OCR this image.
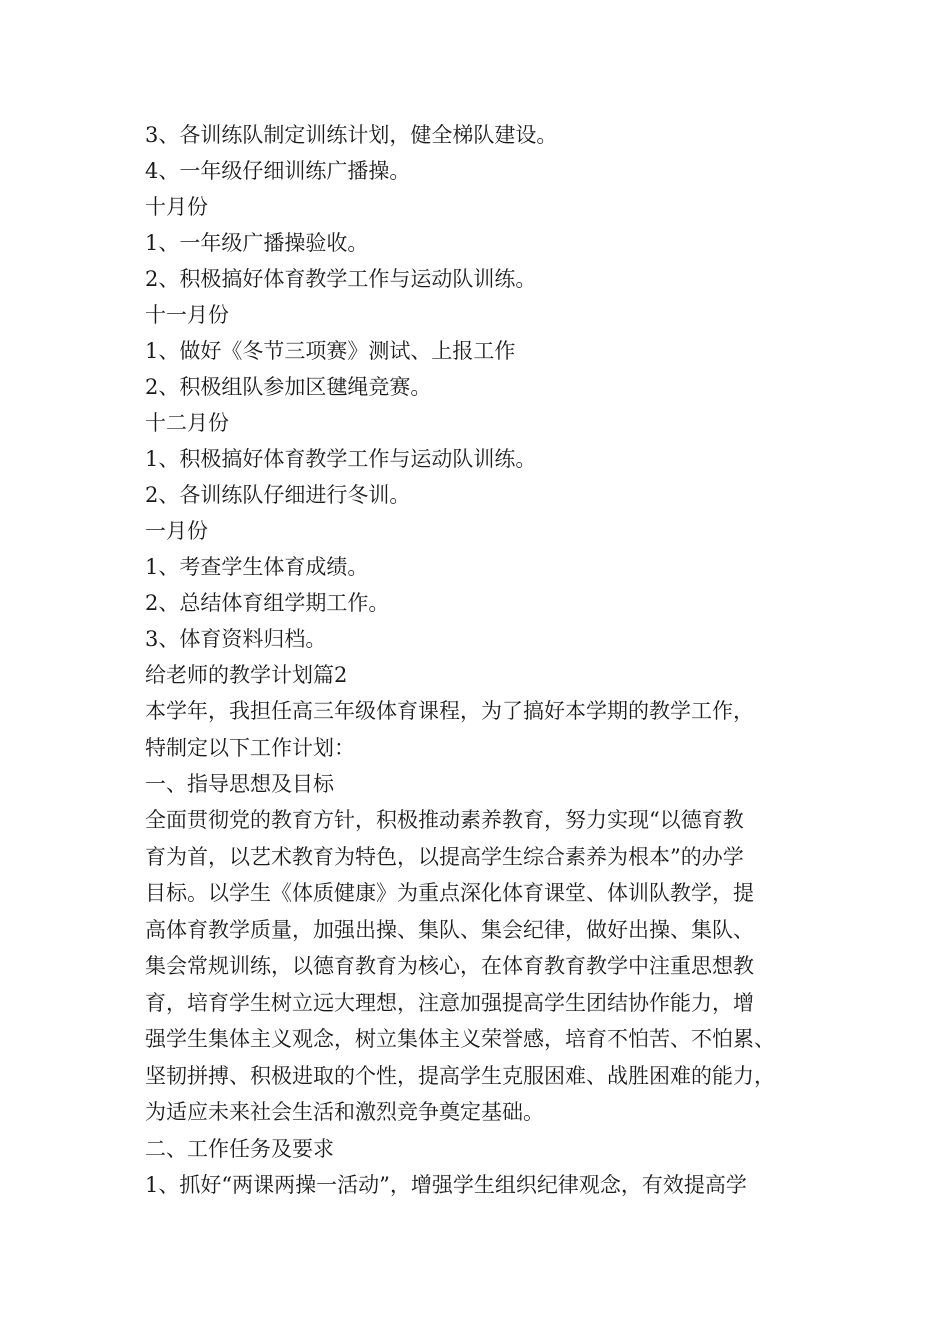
3、各训练队制定训练计划，健全梯队建设。
4、一年级仔细训练广播操。
十月份
1、一年级广播操验收。
2、积极搞好体育教学工作与运动队训练。
十一月份
1、做好《冬节三项赛》测试、上报工作
2、积极组队参加区毽绳竞赛。
十二月份
1、积极搞好体育教学工作与运动队训练。
2、各训练队仔细进行冬训。
一月份
1、考查学生体育成绩。
2、总结体育组学期工作。
3、体育资料归档。
给老师的教学计划篇2
本学年，我担任高三年级体育课程，为了搞好本学期的教学工作，
特制定以下工作计划：
一、指导思想及目标
全面贯彻党的教育方针，积极推动素养教育，努力实现“以德育教
育为首，以艺术教育为特色，以提高学生综合素养为根本”的办学
目标。以学生《体质健康》为重点深化体育课堂、体训队教学，提
高体育教学质量，加强出操、集队、集会纪律，做好出操、集队、
集会常规训练，以德育教育为核心，在体育教育教学中注重思想教
育，培育学生树立远大理想，注意加强提高学生团结协作能力，增
强学生集体主义观念，树立集体主义荣誉感，培育不怕苦、不怕累、
坚韧拼搏、积极进取的个性，提高学生克服困难、战胜困难的能力，
为适应未来社会生活和激烈竞争奠定基础。
二、工作任务及要求
1、抓好“两课两操一活动”，增强学生组织纪律观念，有效提高学
